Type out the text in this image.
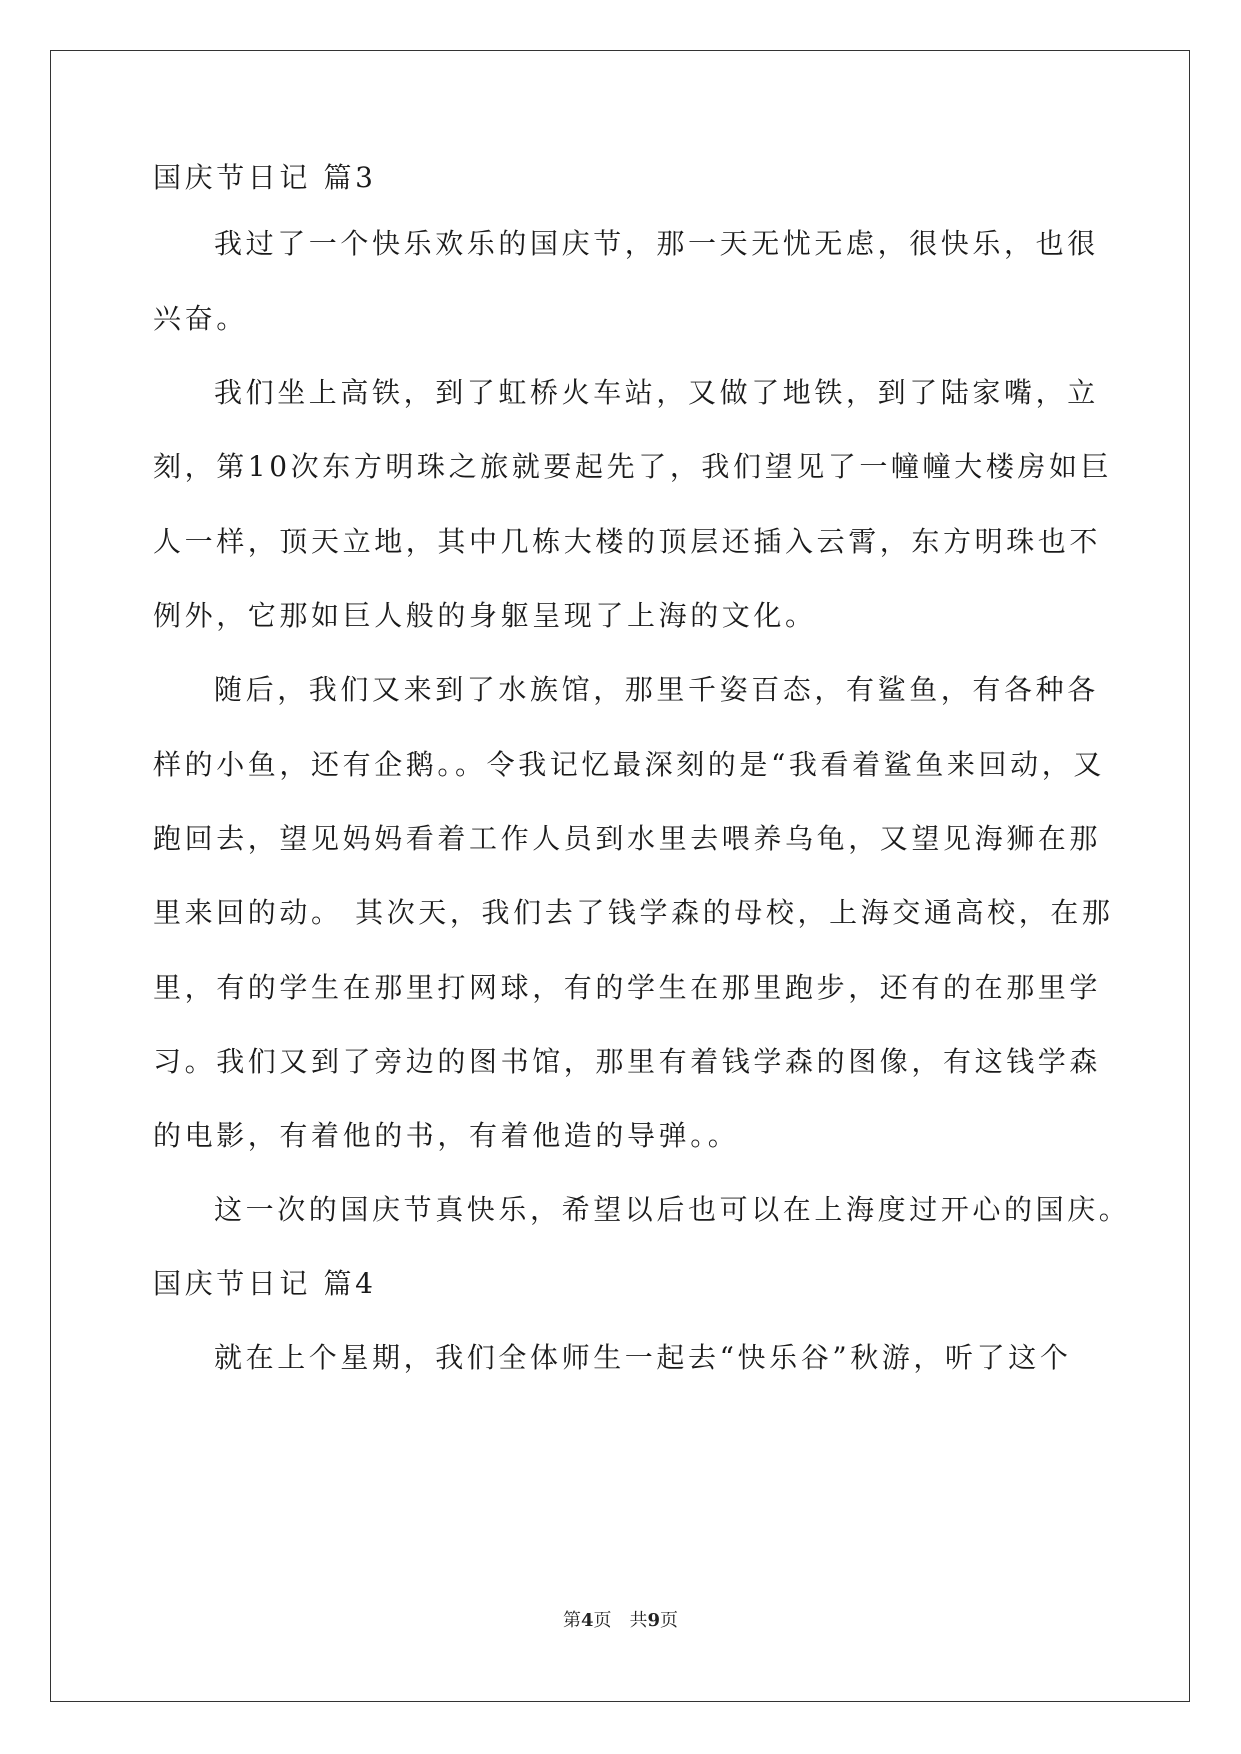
国庆节日记 篇3

我过了一个快乐欢乐的国庆节，那一天无忧无虑，很快乐，也很

兴奋。

我们坐上高铁，到了虹桥火车站，又做了地铁，到了陆家嘴，立

刻，第10次东方明珠之旅就要起先了，我们望见了一幢幢大楼房如巨

人一样，顶天立地，其中几栋大楼的顶层还插入云霄，东方明珠也不

例外，它那如巨人般的身躯呈现了上海的文化。

随后，我们又来到了水族馆，那里千姿百态，有鲨鱼，有各种各

样的小鱼，还有企鹅。。令我记忆最深刻的是“我看着鲨鱼来回动，又

跑回去，望见妈妈看着工作人员到水里去喂养乌龟，又望见海狮在那

里来回的动。 其次天，我们去了钱学森的母校，上海交通高校，在那

里，有的学生在那里打网球，有的学生在那里跑步，还有的在那里学

习。我们又到了旁边的图书馆，那里有着钱学森的图像，有这钱学森

的电影，有着他的书，有着他造的导弹。。

这一次的国庆节真快乐，希望以后也可以在上海度过开心的国庆。

国庆节日记 篇4

就在上个星期，我们全体师生一起去“快乐谷”秋游，听了这个

第4页 共9页
